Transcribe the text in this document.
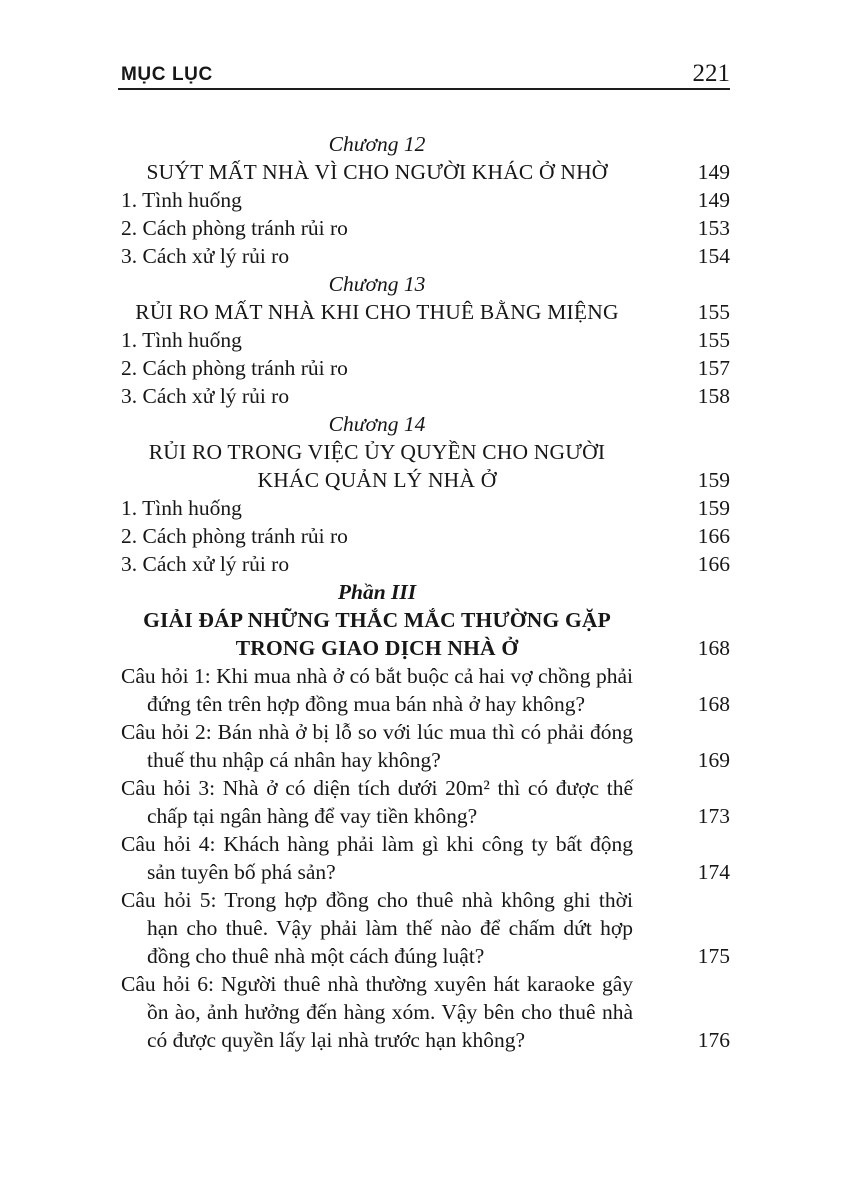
MỤC LỤC	221
Chương 12
SUÝT MẤT NHÀ VÌ CHO NGƯỜI KHÁC Ở NHỜ	149
1. Tình huống	149
2. Cách phòng tránh rủi ro	153
3. Cách xử lý rủi ro	154
Chương 13
RỦI RO MẤT NHÀ KHI CHO THUÊ BẰNG MIỆNG	155
1. Tình huống	155
2. Cách phòng tránh rủi ro	157
3. Cách xử lý rủi ro	158
Chương 14
RỦI RO TRONG VIỆC ỦY QUYỀN CHO NGƯỜI
KHÁC QUẢN LÝ NHÀ Ở	159
1. Tình huống	159
2. Cách phòng tránh rủi ro	166
3. Cách xử lý rủi ro	166
Phần III
GIẢI ĐÁP NHỮNG THẮC MẮC THƯỜNG GẶP
TRONG GIAO DỊCH NHÀ Ở	168
Câu hỏi 1: Khi mua nhà ở có bắt buộc cả hai vợ chồng phải đứng tên trên hợp đồng mua bán nhà ở hay không?	168
Câu hỏi 2: Bán nhà ở bị lỗ so với lúc mua thì có phải đóng thuế thu nhập cá nhân hay không?	169
Câu hỏi 3: Nhà ở có diện tích dưới 20m² thì có được thế chấp tại ngân hàng để vay tiền không?	173
Câu hỏi 4: Khách hàng phải làm gì khi công ty bất động sản tuyên bố phá sản?	174
Câu hỏi 5: Trong hợp đồng cho thuê nhà không ghi thời hạn cho thuê. Vậy phải làm thế nào để chấm dứt hợp đồng cho thuê nhà một cách đúng luật?	175
Câu hỏi 6: Người thuê nhà thường xuyên hát karaoke gây ồn ào, ảnh hưởng đến hàng xóm. Vậy bên cho thuê nhà có được quyền lấy lại nhà trước hạn không?	176
